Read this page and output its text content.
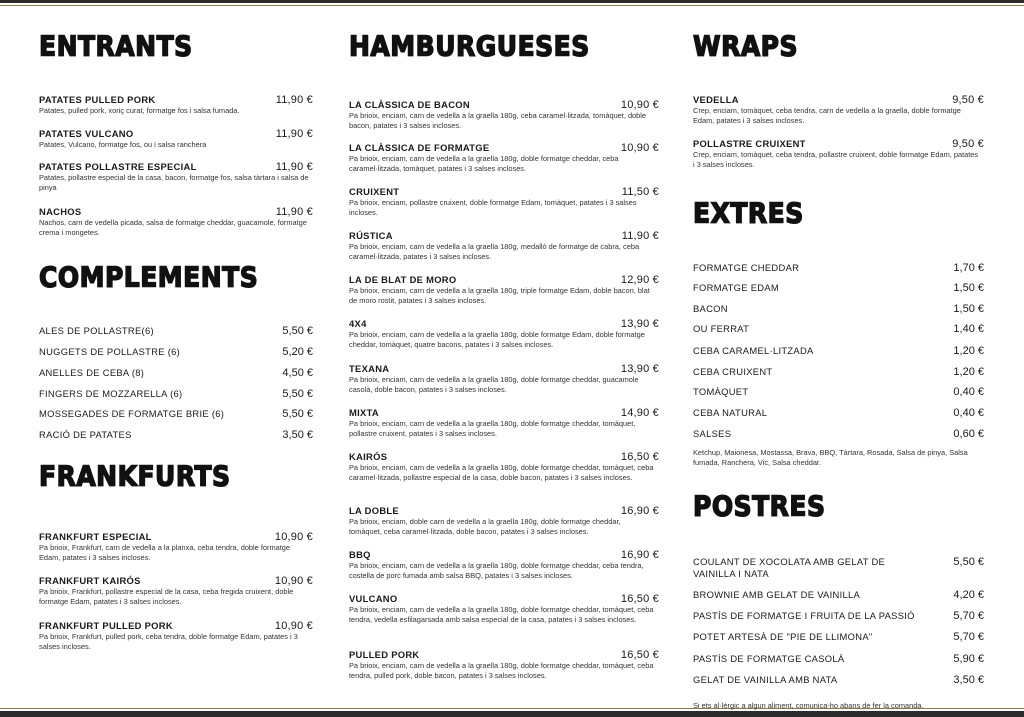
ENTRANTS
PATATES PULLED PORK	11,90 €
Patates, pulled pork, xoriç curat, formatge fos i salsa fumada.
PATATES VULCANO	11,90 €
Patates, Vulcano, formatge fos, ou i salsa ranchera
PATATES POLLASTRE ESPECIAL	11,90 €
Patates, pollastre especial de la casa, bacon, formatge fos, salsa tàrtara i salsa de pinya
NACHOS	11,90 €
Nachos, carn de vedella picada, salsa de formatge cheddar, guacamole, formatge crema i mongetes.
COMPLEMENTS
ALES DE POLLASTRE(6)	5,50 €
NUGGETS DE POLLASTRE (6)	5,20 €
ANELLES DE CEBA (8)	4,50 €
FINGERS DE MOZZARELLA (6)	5,50 €
MOSSEGADES DE FORMATGE BRIE (6)	5,50 €
RACIÓ DE PATATES	3,50 €
FRANKFURTS
FRANKFURT ESPECIAL	10,90 €
Pa brioix, Frankfurt, carn de vedella a la planxa, ceba tendra, doble formatge Edam, patates i 3 salses incloses.
FRANKFURT KAIRÓS	10,90 €
Pa brioix, Frankfurt, pollastre especial de la casa, ceba fregida cruixent, doble formatge Edam, patates i 3 salses incloses.
FRANKFURT PULLED PORK	10,90 €
Pa brioix, Frankfurt, pulled pork, ceba tendra, doble formatge Edam, patates i 3 salses incloses.
HAMBURGUESES
LA CLÀSSICA DE BACON	10,90 €
Pa brioix, enciam, carn de vedella a la graella 180g, ceba caramel·litzada, tomàquet, doble bacon, patates i 3 salses incloses.
LA CLÀSSICA DE FORMATGE	10,90 €
Pa brioix, enciam, carn de vedella a la graella 180g, doble formatge cheddar, ceba caramel·litzada, tomàquet, patates i 3 salses incloses.
CRUIXENT	11,50 €
Pa brioix, enciam, pollastre cruixent, doble formatge Edam, tomàquet, patates i 3 salses incloses.
RÚSTICA	11,90 €
Pa brioix, enciam, carn de vedella a la graella 180g, medalló de formatge de cabra, ceba caramel·litzada, patates i 3 salses incloses.
LA DE BLAT DE MORO	12,90 €
Pa brioix, enciam, carn de vedella a la graella 180g, triple formatge Edam, doble bacon, blat de moro rostit, patates i 3 salses incloses.
4X4	13,90 €
Pa brioix, enciam, carn de vedella a la graella 180g, doble formatge Edam, doble formatge cheddar, tomàquet, quatre bacons, patates i 3 salses incloses.
TEXANA	13,90 €
Pa brioix, enciam, carn de vedella a la graella 180g, doble formatge cheddar, guacamole casolà, doble bacon, patates i 3 salses incloses.
MIXTA	14,90 €
Pa brioix, enciam, carn de vedella a la graella 180g, doble formatge cheddar, tomàquet, pollastre cruixent, patates i 3 salses incloses.
KAIRÓS	16,50 €
Pa brioix, enciam, carn de vedella a la graella 180g, doble formatge cheddar, tomàquet, ceba caramel·litzada, pollastre especial de la casa, doble bacon, patates i 3 salses incloses.
LA DOBLE	16,90 €
Pa brioix, enciam, doble carn de vedella a la graella 180g, doble formatge cheddar, tomàquet, ceba caramel·litzada, doble bacon, patates i 3 salses incloses.
BBQ	16,90 €
Pa brioix, enciam, carn de vedella a la graella 180g, doble formatge cheddar, ceba tendra, costella de porc fumada amb salsa BBQ, patates i 3 salses incloses.
VULCANO	16,50 €
Pa brioix, enciam, carn de vedella a la graella 180g, doble formatge cheddar, tomàquet, ceba tendra, vedella esfilagarsada amb salsa especial de la casa, patates i 3 salses incloses.
PULLED PORK	16,50 €
Pa brioix, enciam, carn de vedella a la graella 180g, doble formatge cheddar, tomàquet, ceba tendra, pulled pork, doble bacon, patates i 3 salses incloses.
WRAPS
VEDELLA	9,50 €
Crep, enciam, tomàquet, ceba tendra, carn de vedella a la graella, doble formatge Edam, patates i 3 salses incloses.
POLLASTRE CRUIXENT	9,50 €
Crep, enciam, tomàquet, ceba tendra, pollastre cruixent, doble formatge Edam, patates i 3 salses incloses.
EXTRES
FORMATGE CHEDDAR	1,70 €
FORMATGE EDAM	1,50 €
BACON	1,50 €
OU FERRAT	1,40 €
CEBA CARAMEL·LITZADA	1,20 €
CEBA CRUIXENT	1,20 €
TOMÀQUET	0,40 €
CEBA NATURAL	0,40 €
SALSES	0,60 €
Ketchup, Maionesa, Mostassa, Brava, BBQ, Tàrtara, Rosada, Salsa de pinya, Salsa fumada, Ranchera, Vic, Salsa cheddar.
POSTRES
COULANT DE XOCOLATA AMB GELAT DE VAINILLA I NATA
5,50 €
BROWNIE AMB GELAT DE VAINILLA	4,20 €
PASTÍS DE FORMATGE I FRUITA DE LA PASSIÓ	5,70 €
POTET ARTESÀ DE "PIE DE LLIMONA"	5,70 €
PASTÍS DE FORMATGE CASOLÀ	5,90 €
GELAT DE VAINILLA AMB NATA	3,50 €
Si ets al·lèrgic a algun aliment, comunica-ho abans de fer la comanda.
